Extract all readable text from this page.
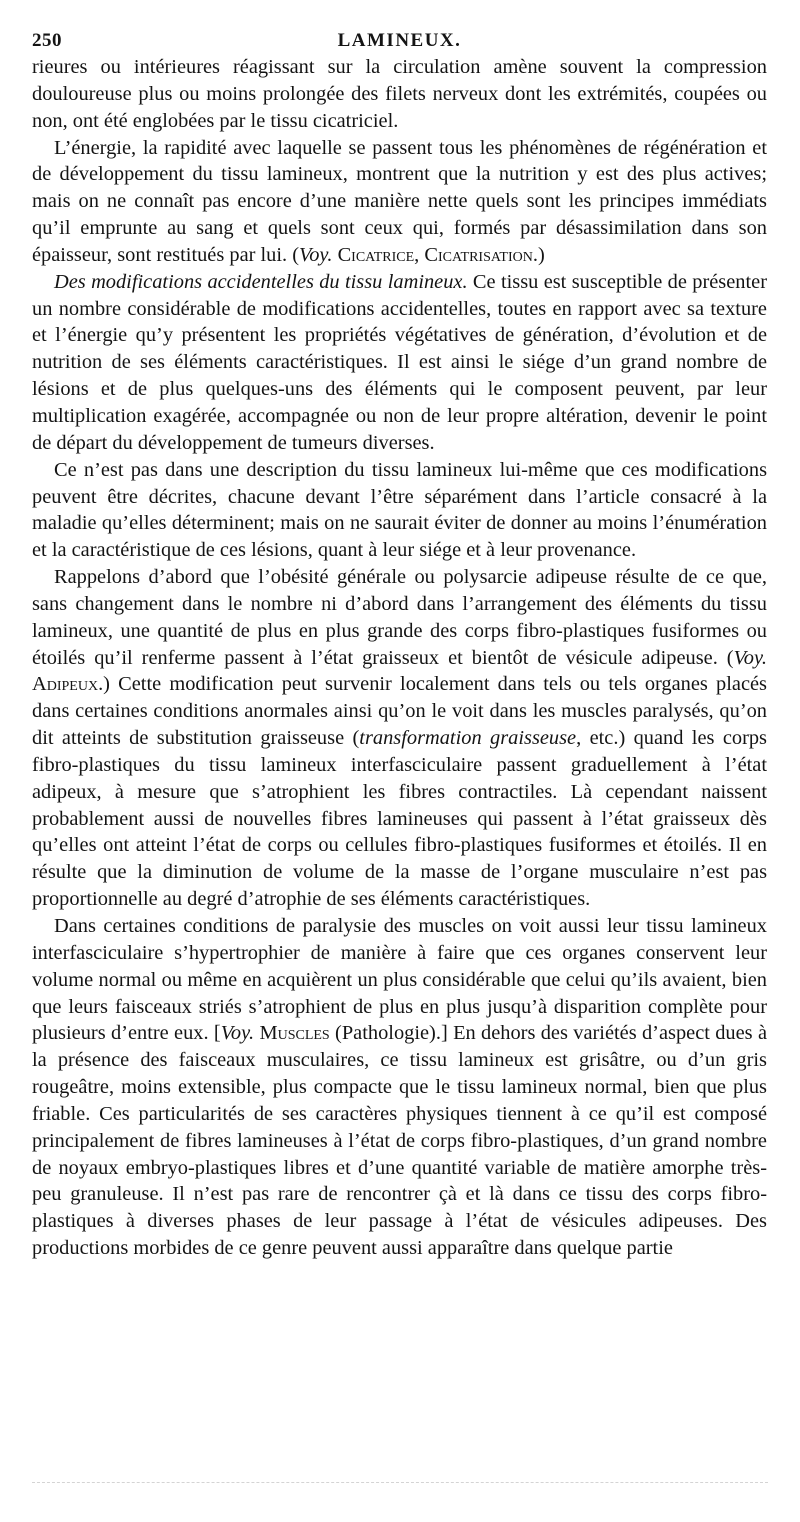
250	LAMINEUX.

rieures ou intérieures réagissant sur la circulation amène souvent la compression douloureuse plus ou moins prolongée des filets nerveux dont les extrémités, coupées ou non, ont été englobées par le tissu cicatriciel.

L’énergie, la rapidité avec laquelle se passent tous les phénomènes de régénération et de développement du tissu lamineux, montrent que la nutrition y est des plus actives; mais on ne connaît pas encore d’une manière nette quels sont les principes immédiats qu’il emprunte au sang et quels sont ceux qui, formés par désassimilation dans son épaisseur, sont restitués par lui. (Voy. Cicatrice, Cicatrisation.)

Des modifications accidentelles du tissu lamineux. Ce tissu est susceptible de présenter un nombre considérable de modifications accidentelles, toutes en rapport avec sa texture et l’énergie qu’y présentent les propriétés végétatives de génération, d’évolution et de nutrition de ses éléments caractéristiques. Il est ainsi le siége d’un grand nombre de lésions et de plus quelques-uns des éléments qui le composent peuvent, par leur multiplication exagérée, accompagnée ou non de leur propre altération, devenir le point de départ du développement de tumeurs diverses.

Ce n’est pas dans une description du tissu lamineux lui-même que ces modifications peuvent être décrites, chacune devant l’être séparément dans l’article consacré à la maladie qu’elles déterminent; mais on ne saurait éviter de donner au moins l’énumération et la caractéristique de ces lésions, quant à leur siége et à leur provenance.

Rappelons d’abord que l’obésité générale ou polysarcie adipeuse résulte de ce que, sans changement dans le nombre ni d’abord dans l’arrangement des éléments du tissu lamineux, une quantité de plus en plus grande des corps fibro-plastiques fusiformes ou étoilés qu’il renferme passent à l’état graisseux et bientôt de vésicule adipeuse. (Voy. Adipeux.) Cette modification peut survenir localement dans tels ou tels organes placés dans certaines conditions anormales ainsi qu’on le voit dans les muscles paralysés, qu’on dit atteints de substitution graisseuse (transformation graisseuse, etc.) quand les corps fibro-plastiques du tissu lamineux interfasciculaire passent graduellement à l’état adipeux, à mesure que s’atrophient les fibres contractiles. Là cependant naissent probablement aussi de nouvelles fibres lamineuses qui passent à l’état graisseux dès qu’elles ont atteint l’état de corps ou cellules fibro-plastiques fusiformes et étoilés. Il en résulte que la diminution de volume de la masse de l’organe musculaire n’est pas proportionnelle au degré d’atrophie de ses éléments caractéristiques.

Dans certaines conditions de paralysie des muscles on voit aussi leur tissu lamineux interfasciculaire s’hypertrophier de manière à faire que ces organes conservent leur volume normal ou même en acquièrent un plus considérable que celui qu’ils avaient, bien que leurs faisceaux striés s’atrophient de plus en plus jusqu’à disparition complète pour plusieurs d’entre eux. [Voy. Muscles (Pathologie).] En dehors des variétés d’aspect dues à la présence des faisceaux musculaires, ce tissu lamineux est grisâtre, ou d’un gris rougeâtre, moins extensible, plus compacte que le tissu lamineux normal, bien que plus friable. Ces particularités de ses caractères physiques tiennent à ce qu’il est composé principalement de fibres lamineuses à l’état de corps fibro-plastiques, d’un grand nombre de noyaux embryo-plastiques libres et d’une quantité variable de matière amorphe très-peu granuleuse. Il n’est pas rare de rencontrer çà et là dans ce tissu des corps fibro-plastiques à diverses phases de leur passage à l’état de vésicules adipeuses. Des productions morbides de ce genre peuvent aussi apparaître dans quelque partie
